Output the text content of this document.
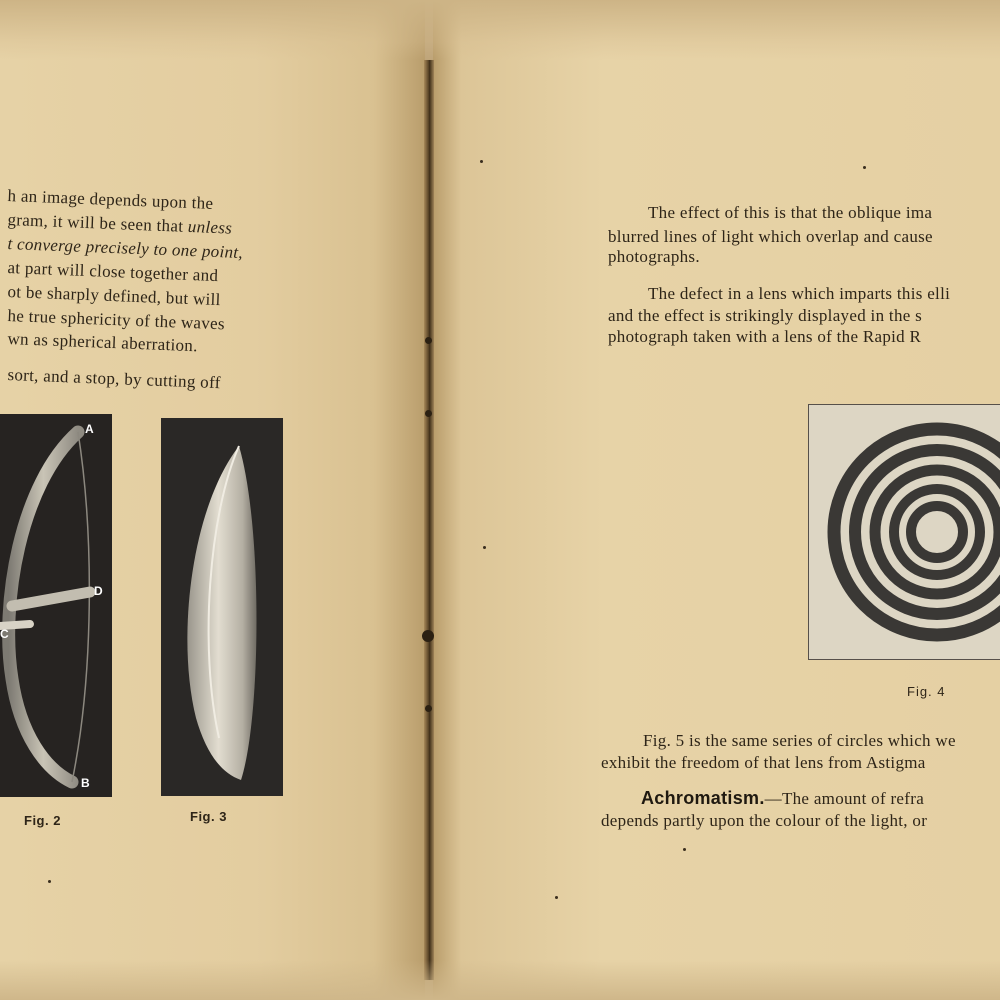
h an image depends upon the
gram, it will be seen that unless
t converge precisely to one point,
at part will close together and
ot be sharply defined, but will
he true sphericity of the waves
wn as spherical aberration.
sort, and a stop, by cutting off
A
D
C
B
Fig. 2	Fig. 3
The effect of this is that the oblique ima
blurred lines of light which overlap and cause
photographs.
The defect in a lens which imparts this elli
and the effect is strikingly displayed in the s
photograph taken with a lens of the Rapid R
Fig. 5 is the same series of circles which we
exhibit the freedom of that lens from Astigma
Achromatism.—The amount of refra
depends partly upon the colour of the light, or
Fig. 4
